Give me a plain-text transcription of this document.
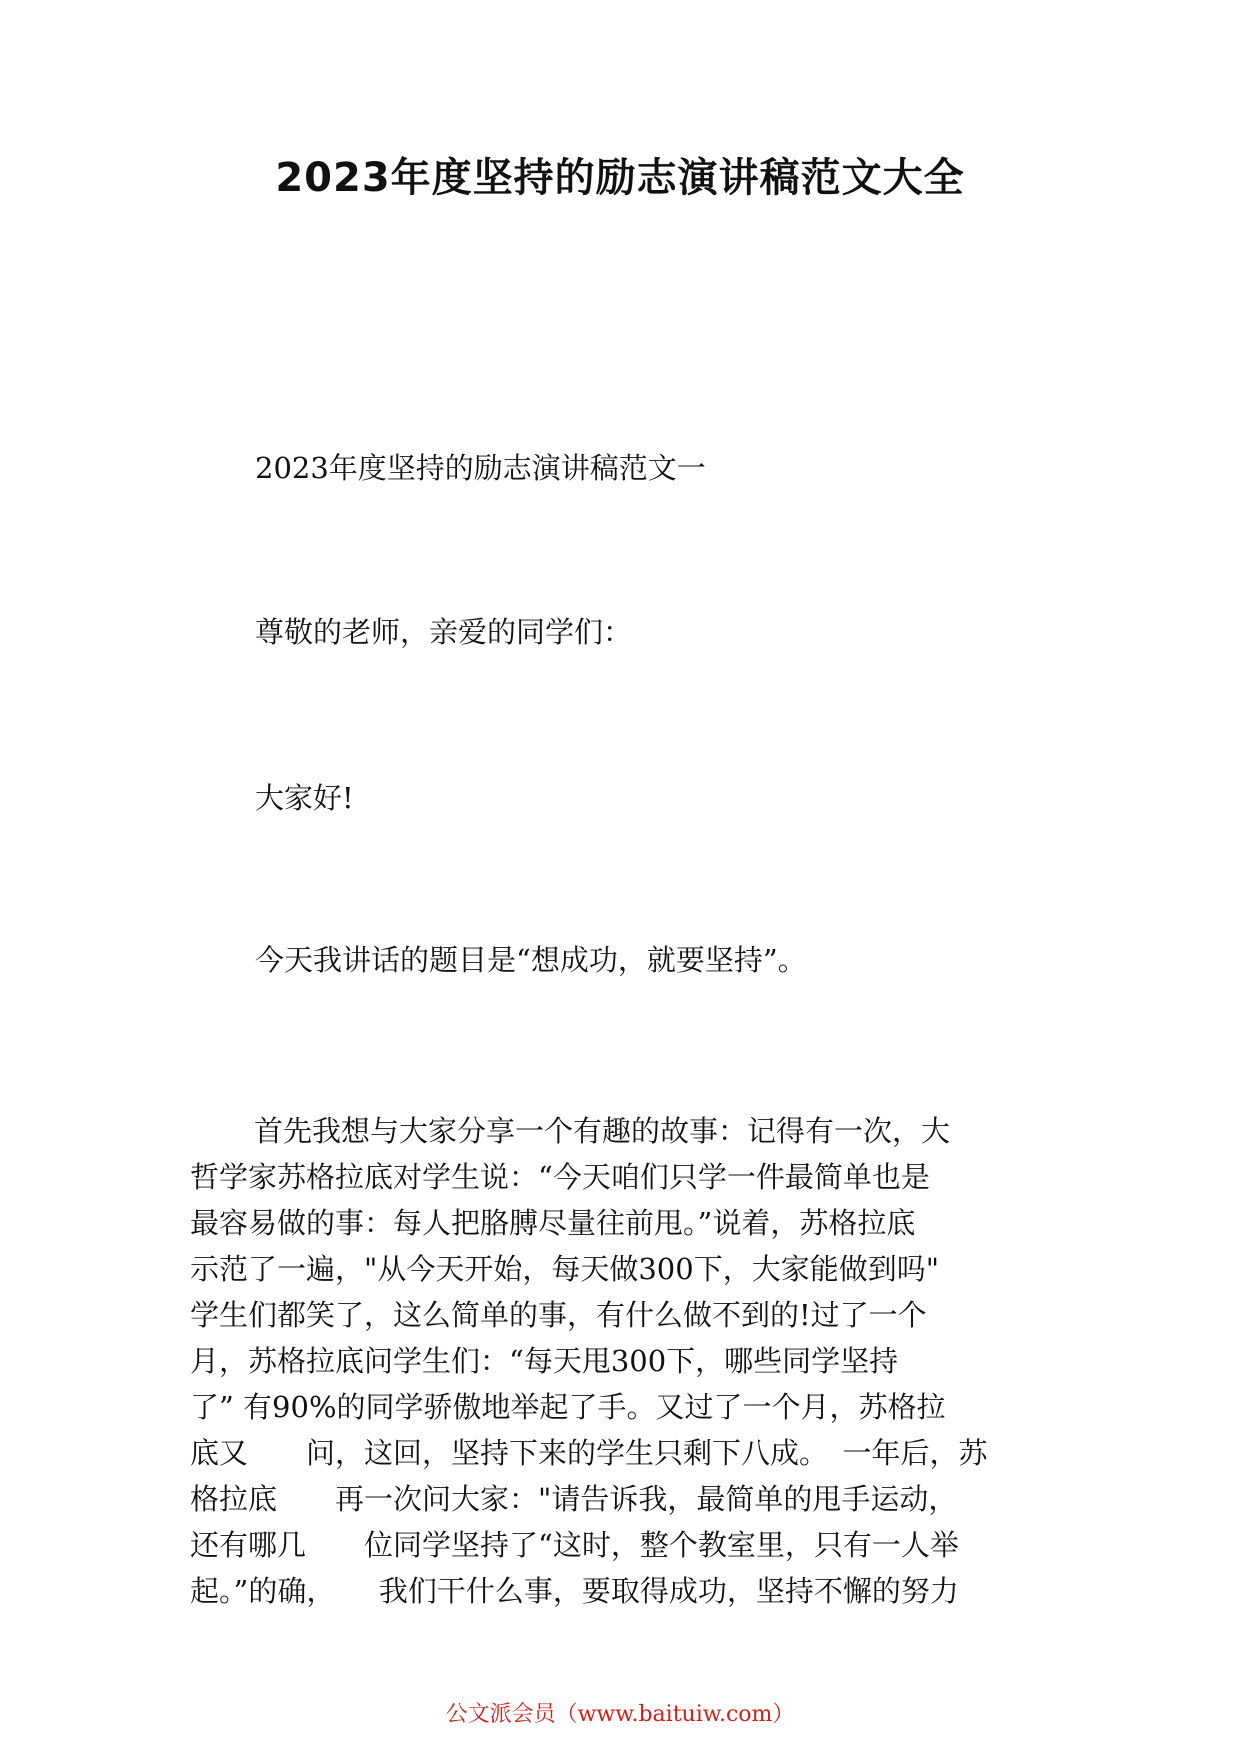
2023年度坚持的励志演讲稿范文大全
2023年度坚持的励志演讲稿范文一
尊敬的老师，亲爱的同学们：
大家好!
今天我讲话的题目是“想成功，就要坚持”。
首先我想与大家分享一个有趣的故事：记得有一次，大
哲学家苏格拉底对学生说：“今天咱们只学一件最简单也是
最容易做的事：每人把胳膊尽量往前甩。”说着，苏格拉底
示范了一遍，"从今天开始，每天做300下，大家能做到吗"
学生们都笑了，这么简单的事，有什么做不到的!过了一个
月，苏格拉底问学生们：“每天甩300下，哪些同学坚持
了” 有90%的同学骄傲地举起了手。又过了一个月，苏格拉
底又　　问，这回，坚持下来的学生只剩下八成。　一年后，苏
格拉底　　再一次问大家："请告诉我，最简单的甩手运动，
还有哪几　　位同学坚持了“这时，整个教室里，只有一人举
起。”的确，　　我们干什么事，要取得成功，坚持不懈的努力
公文派会员（www.baituiw.com）
